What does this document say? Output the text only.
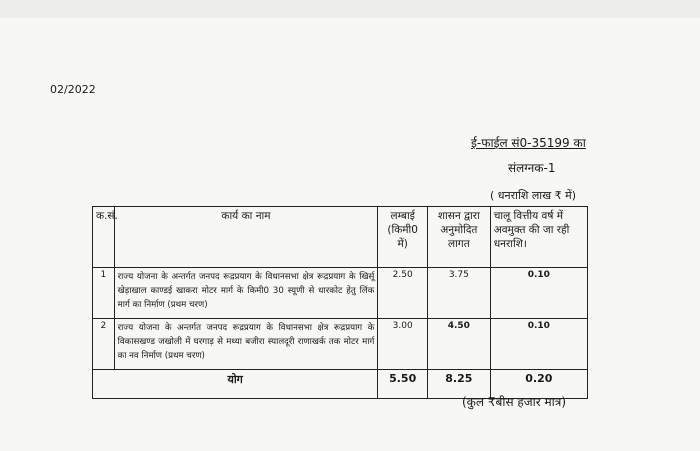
02/2022
ई-फाईल सं0-35199 का
संलग्नक-1
( धनराशि लाख ₹ में)
क.सं.	कार्य का नाम	लम्बाई (किमी0 में)	शासन द्वारा अनुमोदित लागत	चालू वित्तीय वर्ष में अवमुक्त की जा रही धनराशि।
1	राज्य योजना के अन्तर्गत जनपद रूद्रप्रयाग के विधानसभा क्षेत्र रूद्रप्रयाग के खिर्सू खेड़ाखाल काण्डई खाकरा मोटर मार्ग के किमी0 30 स्यूणी से धारकोट हेतु लिंक मार्ग का निर्माण (प्रथम चरण)	2.50	3.75	0.10
2	राज्य योजना के अन्तर्गत जनपद रूद्रप्रयाग के विधानसभा क्षेत्र रूद्रप्रयाग के विकासखण्ड जखोली में घरगाड़ से मथ्या बजीरा स्यालदूरी राणाखर्क तक मोटर मार्ग का नव निर्माण (प्रथम चरण)	3.00	4.50	0.10
योग		5.50	8.25	0.20
(कुल ₹बीस हजार मात्र)
